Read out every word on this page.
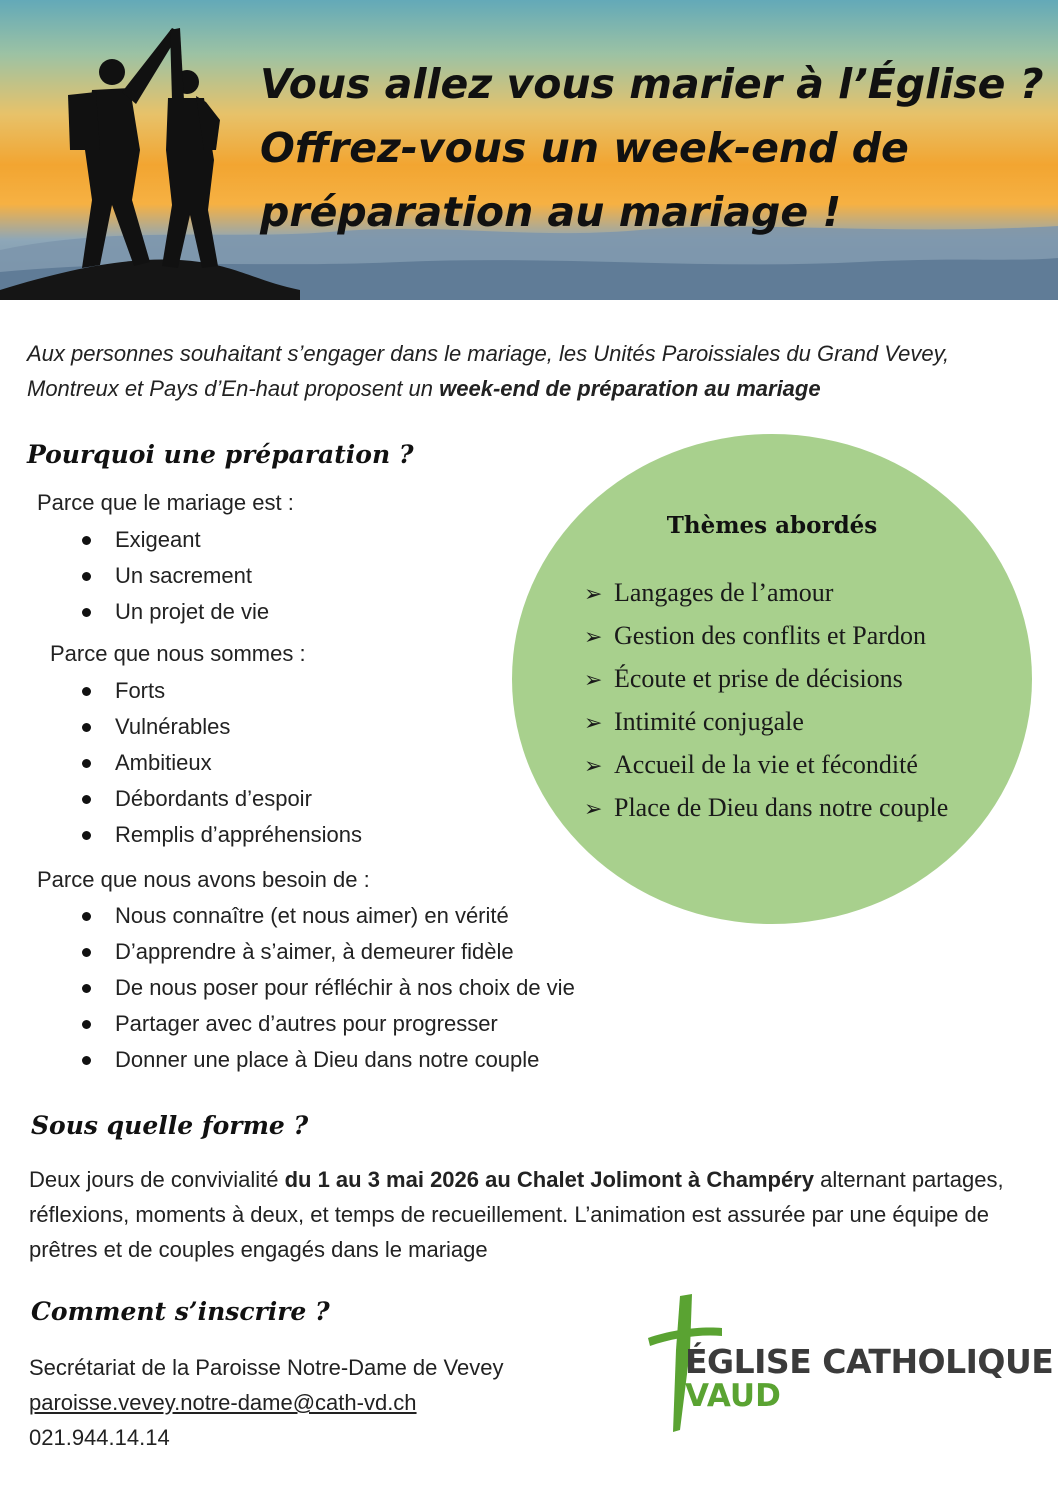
Vous allez vous marier à l’Église ?
Offrez-vous un week-end de
préparation au mariage !
Aux personnes souhaitant s’engager dans le mariage, les Unités Paroissiales du Grand Vevey, Montreux et Pays d’En-haut proposent un week-end de préparation au mariage
Pourquoi une préparation ?
Parce que le mariage est :
Exigeant
Un sacrement
Un projet de vie
Parce que nous sommes :
Forts
Vulnérables
Ambitieux
Débordants d’espoir
Remplis d’appréhensions
Parce que nous avons besoin de :
Nous connaître (et nous aimer) en vérité
D’apprendre à s’aimer, à demeurer fidèle
De nous poser pour réfléchir à nos choix de vie
Partager avec d’autres pour progresser
Donner une place à Dieu dans notre couple
Thèmes abordés
➢ Langages de l’amour
➢ Gestion des conflits et Pardon
➢ Écoute et prise de décisions
➢ Intimité conjugale
➢ Accueil de la vie et fécondité
➢ Place de Dieu dans notre couple
Sous quelle forme ?
Deux jours de convivialité du 1 au 3 mai 2026 au Chalet Jolimont à Champéry alternant partages, réflexions, moments à deux, et temps de recueillement. L’animation est assurée par une équipe de prêtres et de couples engagés dans le mariage
Comment s’inscrire ?
Secrétariat de la Paroisse Notre-Dame de Vevey
paroisse.vevey.notre-dame@cath-vd.ch
021.944.14.14
ÉGLISE CATHOLIQUE
VAUD
